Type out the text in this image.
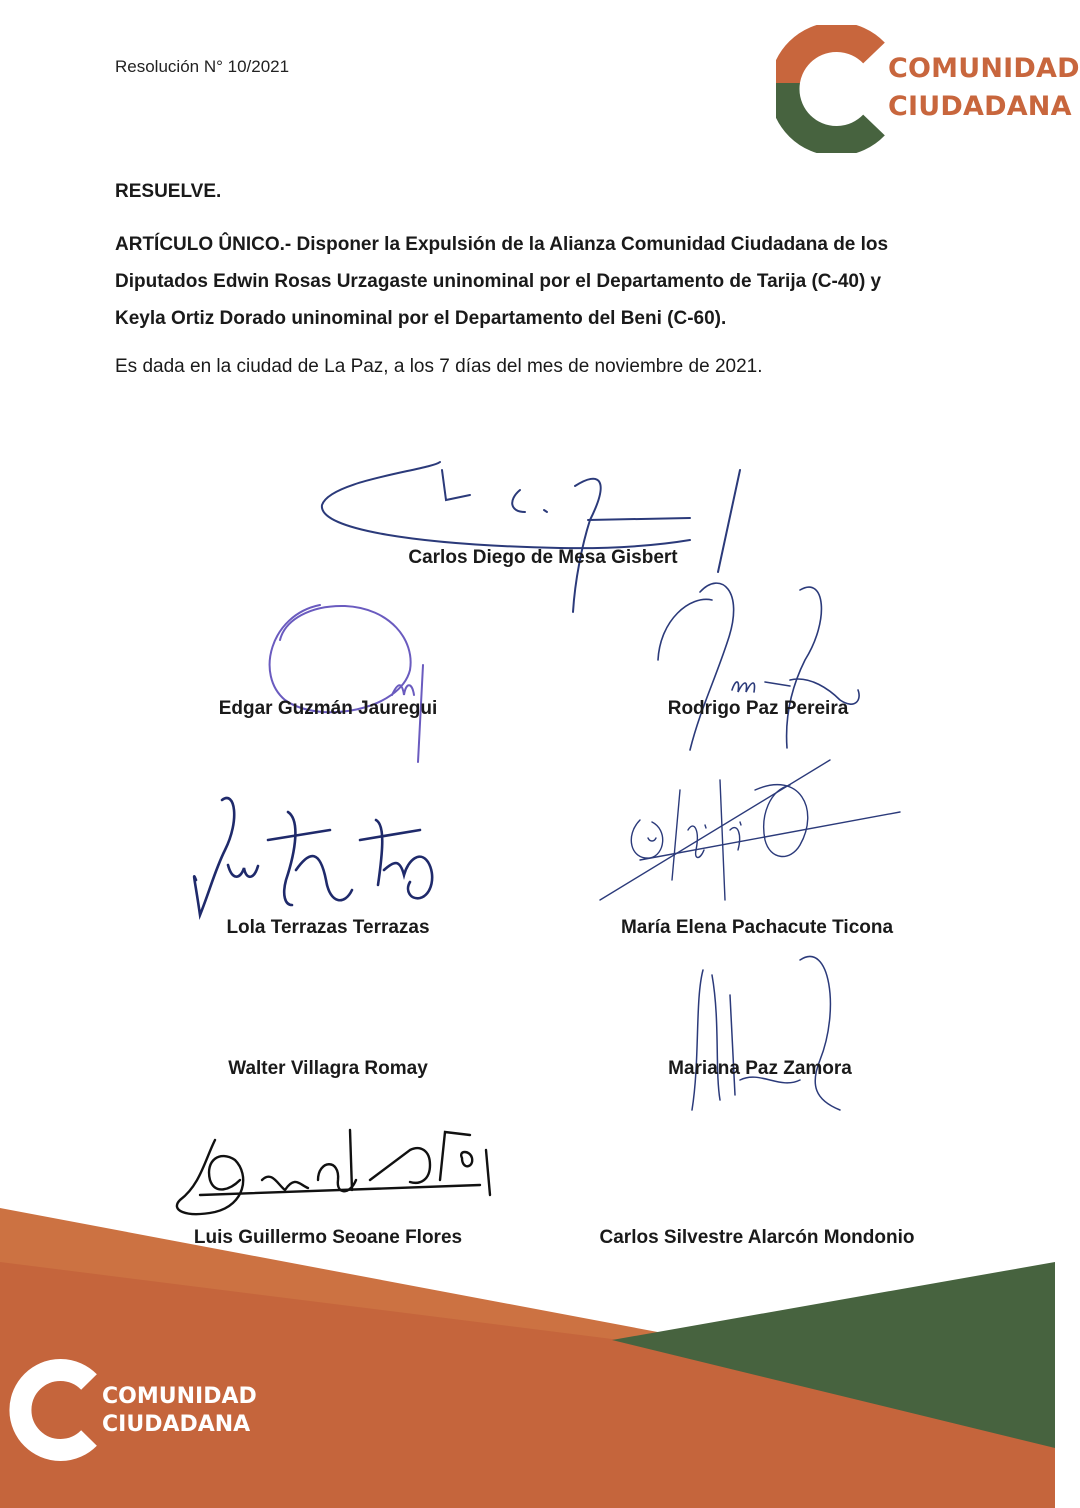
Resolución N° 10/2021	COMUNIDAD
CIUDADANA
RESUELVE.
ARTÍCULO ÛNICO.- Disponer la Expulsión de la Alianza Comunidad Ciudadana de los
Diputados Edwin Rosas Urzagaste uninominal por el Departamento de Tarija (C-40) y
Keyla Ortiz Dorado uninominal por el Departamento del Beni (C-60).
Es dada en la ciudad de La Paz, a los 7 días del mes de noviembre de 2021.
Carlos Diego de Mesa Gisbert
Edgar Guzmán Jauregui	Rodrigo Paz Pereira
Lola Terrazas Terrazas	María Elena Pachacute Ticona
Walter Villagra Romay	Mariana Paz Zamora
Luis Guillermo Seoane Flores	Carlos Silvestre Alarcón Mondonio
COMUNIDAD
CIUDADANA
